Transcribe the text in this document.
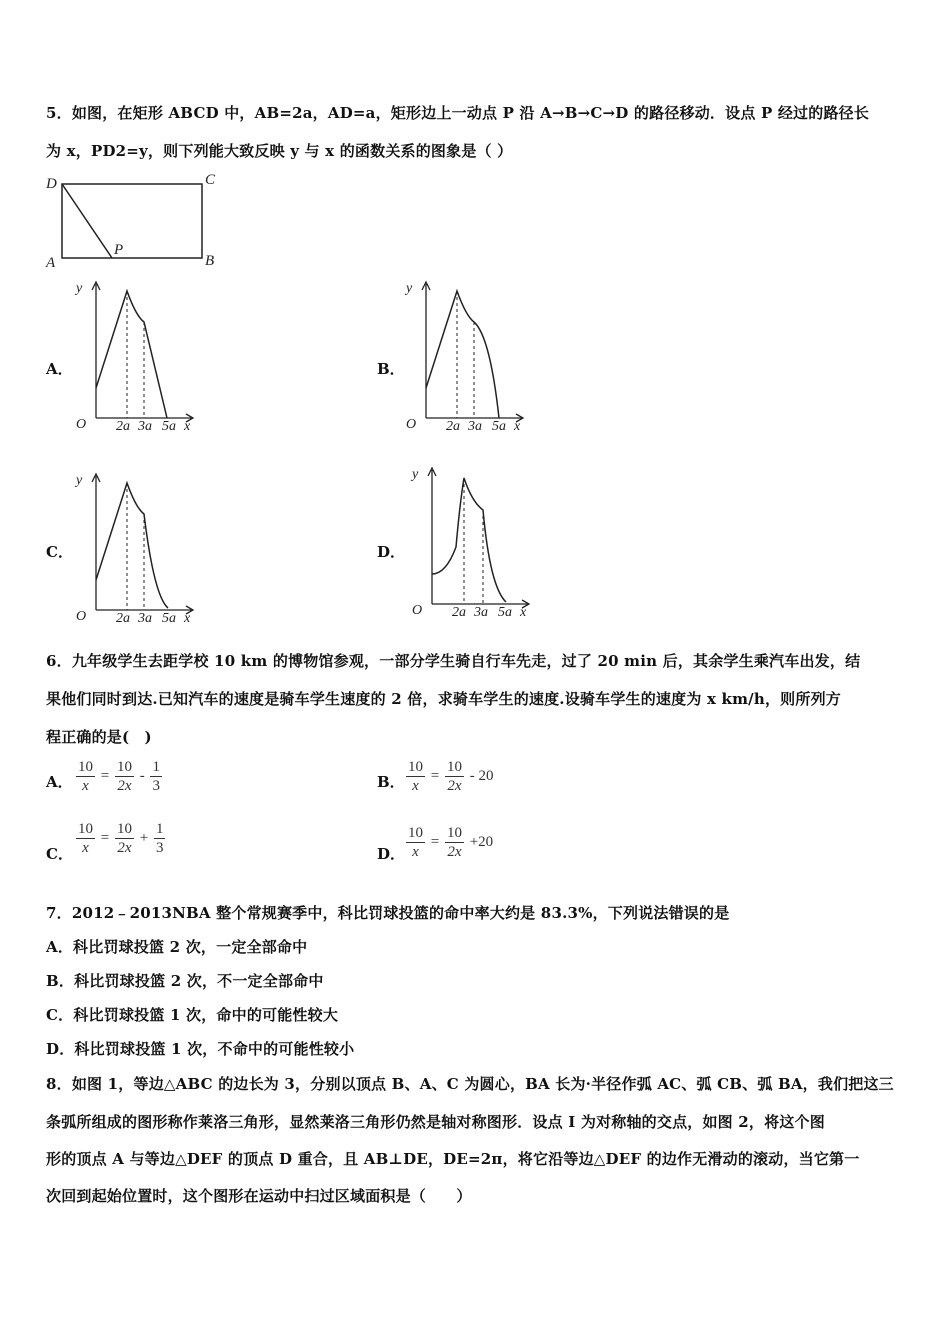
5．如图，在矩形 ABCD 中，AB=2a，AD=a，矩形边上一动点 P 沿 A→B→C→D 的路径移动．设点 P 经过的路径长
为 x，PD2=y，则下列能大致反映 y 与 x 的函数关系的图象是（ ）
D	C
A	B
P
A．	B．
C．	D．
y
O 2a 3a 5a x
y
O 2a 3a 5a x
y
O 2a 3a 5a x
y
O 2a 3a 5a x
6．九年级学生去距学校 10 km 的博物馆参观，一部分学生骑自行车先走，过了 20 min 后，其余学生乘汽车出发，结
果他们同时到达.已知汽车的速度是骑车学生速度的 2 倍，求骑车学生的速度.设骑车学生的速度为 x km/h，则所列方
程正确的是(　)
A． $\frac{10}{x} = \frac{10}{2x} - \frac{1}{3}$	B． $\frac{10}{x} = \frac{10}{2x} - 20$
C． $\frac{10}{x} = \frac{10}{2x} + \frac{1}{3}$	D． $\frac{10}{x} = \frac{10}{2x} +20$
7．2012﹣2013NBA 整个常规赛季中，科比罚球投篮的命中率大约是 83.3%，下列说法错误的是
A．科比罚球投篮 2 次，一定全部命中
B．科比罚球投篮 2 次，不一定全部命中
C．科比罚球投篮 1 次，命中的可能性较大
D．科比罚球投篮 1 次，不命中的可能性较小
8．如图 1，等边△ABC 的边长为 3，分别以顶点 B、A、C 为圆心，BA 长为·半径作弧 AC、弧 CB、弧 BA，我们把这三
条弧所组成的图形称作莱洛三角形，显然莱洛三角形仍然是轴对称图形．设点 I 为对称轴的交点，如图 2，将这个图
形的顶点 A 与等边△DEF 的顶点 D 重合，且 AB⊥DE，DE=2π，将它沿等边△DEF 的边作无滑动的滚动，当它第一
次回到起始位置时，这个图形在运动中扫过区域面积是（　　）
